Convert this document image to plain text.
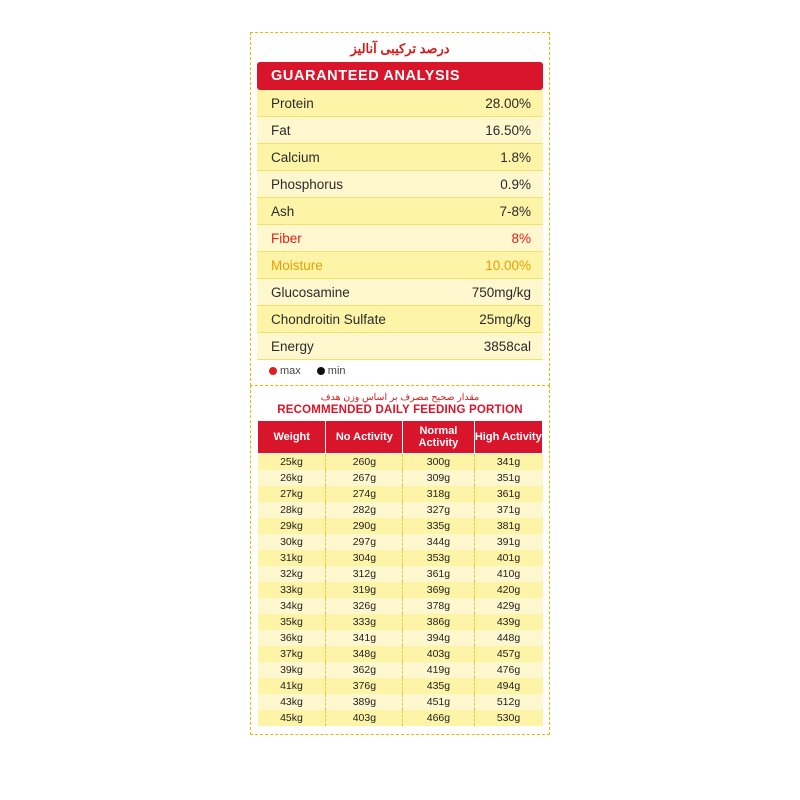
درصد ترکیبی آنالیز
GUARANTEED ANALYSIS
Protein	28.00%
Fat	16.50%
Calcium	1.8%
Phosphorus	0.9%
Ash	7-8%
Fiber	8%
Moisture	10.00%
Glucosamine	750mg/kg
Chondroitin Sulfate	25mg/kg
Energy	3858cal
max min
مقدار صحیح مصرف بر اساس وزن هدف
RECOMMENDED DAILY FEEDING PORTION
Weight	No Activity	Normal Activity	High Activity
25kg	260g	300g	341g
26kg	267g	309g	351g
27kg	274g	318g	361g
28kg	282g	327g	371g
29kg	290g	335g	381g
30kg	297g	344g	391g
31kg	304g	353g	401g
32kg	312g	361g	410g
33kg	319g	369g	420g
34kg	326g	378g	429g
35kg	333g	386g	439g
36kg	341g	394g	448g
37kg	348g	403g	457g
39kg	362g	419g	476g
41kg	376g	435g	494g
43kg	389g	451g	512g
45kg	403g	466g	530g
